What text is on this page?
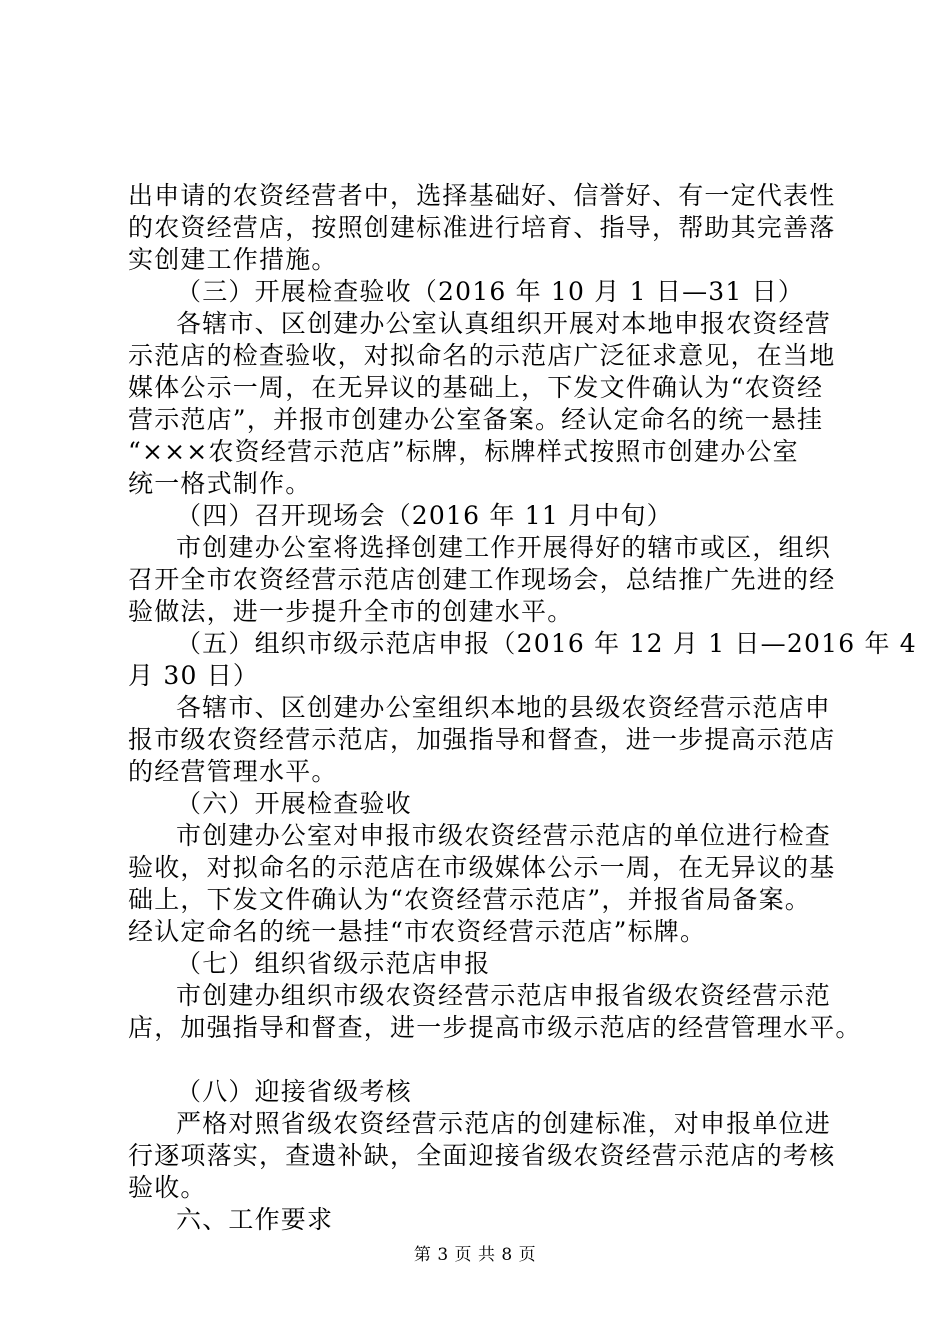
出申请的农资经营者中，选择基础好、信誉好、有一定代表性
的农资经营店，按照创建标准进行培育、指导，帮助其完善落
实创建工作措施。
（三）开展检查验收（2016 年 10 月 1 日—31 日）
各辖市、区创建办公室认真组织开展对本地申报农资经营
示范店的检查验收，对拟命名的示范店广泛征求意见，在当地
媒体公示一周，在无异议的基础上，下发文件确认为“农资经
营示范店”，并报市创建办公室备案。经认定命名的统一悬挂
“×××农资经营示范店”标牌，标牌样式按照市创建办公室
统一格式制作。
（四）召开现场会（2016 年 11 月中旬）
市创建办公室将选择创建工作开展得好的辖市或区，组织
召开全市农资经营示范店创建工作现场会，总结推广先进的经
验做法，进一步提升全市的创建水平。
（五）组织市级示范店申报（2016 年 12 月 1 日—2016 年 4
月 30 日）
各辖市、区创建办公室组织本地的县级农资经营示范店申
报市级农资经营示范店，加强指导和督查，进一步提高示范店
的经营管理水平。
（六）开展检查验收
市创建办公室对申报市级农资经营示范店的单位进行检查
验收，对拟命名的示范店在市级媒体公示一周，在无异议的基
础上，下发文件确认为“农资经营示范店”，并报省局备案。
经认定命名的统一悬挂“市农资经营示范店”标牌。
（七）组织省级示范店申报
市创建办组织市级农资经营示范店申报省级农资经营示范
店，加强指导和督查，进一步提高市级示范店的经营管理水平。
（八）迎接省级考核
严格对照省级农资经营示范店的创建标准，对申报单位进
行逐项落实，查遗补缺，全面迎接省级农资经营示范店的考核
验收。
六、工作要求
第 3 页 共 8 页
